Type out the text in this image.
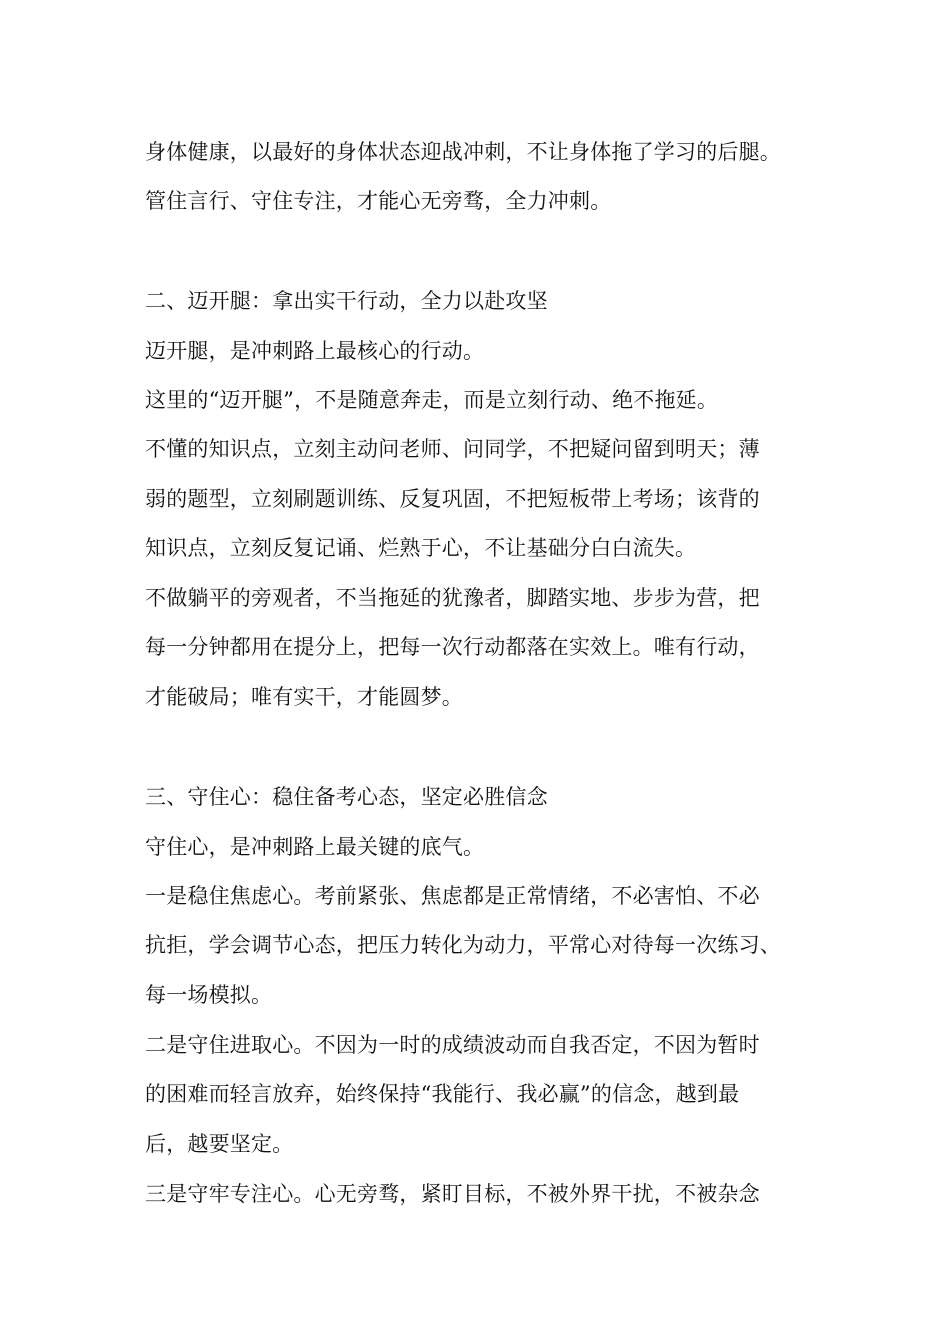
身体健康，以最好的身体状态迎战冲刺，不让身体拖了学习的后腿。
管住言行、守住专注，才能心无旁骛，全力冲刺。
二、迈开腿：拿出实干行动，全力以赴攻坚
迈开腿，是冲刺路上最核心的行动。
这里的“迈开腿”，不是随意奔走，而是立刻行动、绝不拖延。
不懂的知识点，立刻主动问老师、问同学，不把疑问留到明天；薄
弱的题型，立刻刷题训练、反复巩固，不把短板带上考场；该背的
知识点，立刻反复记诵、烂熟于心，不让基础分白白流失。
不做躺平的旁观者，不当拖延的犹豫者，脚踏实地、步步为营，把
每一分钟都用在提分上，把每一次行动都落在实效上。唯有行动，
才能破局；唯有实干，才能圆梦。
三、守住心：稳住备考心态，坚定必胜信念
守住心，是冲刺路上最关键的底气。
一是稳住焦虑心。考前紧张、焦虑都是正常情绪，不必害怕、不必
抗拒，学会调节心态，把压力转化为动力，平常心对待每一次练习、
每一场模拟。
二是守住进取心。不因为一时的成绩波动而自我否定，不因为暂时
的困难而轻言放弃，始终保持“我能行、我必赢”的信念，越到最
后，越要坚定。
三是守牢专注心。心无旁骛，紧盯目标，不被外界干扰，不被杂念
